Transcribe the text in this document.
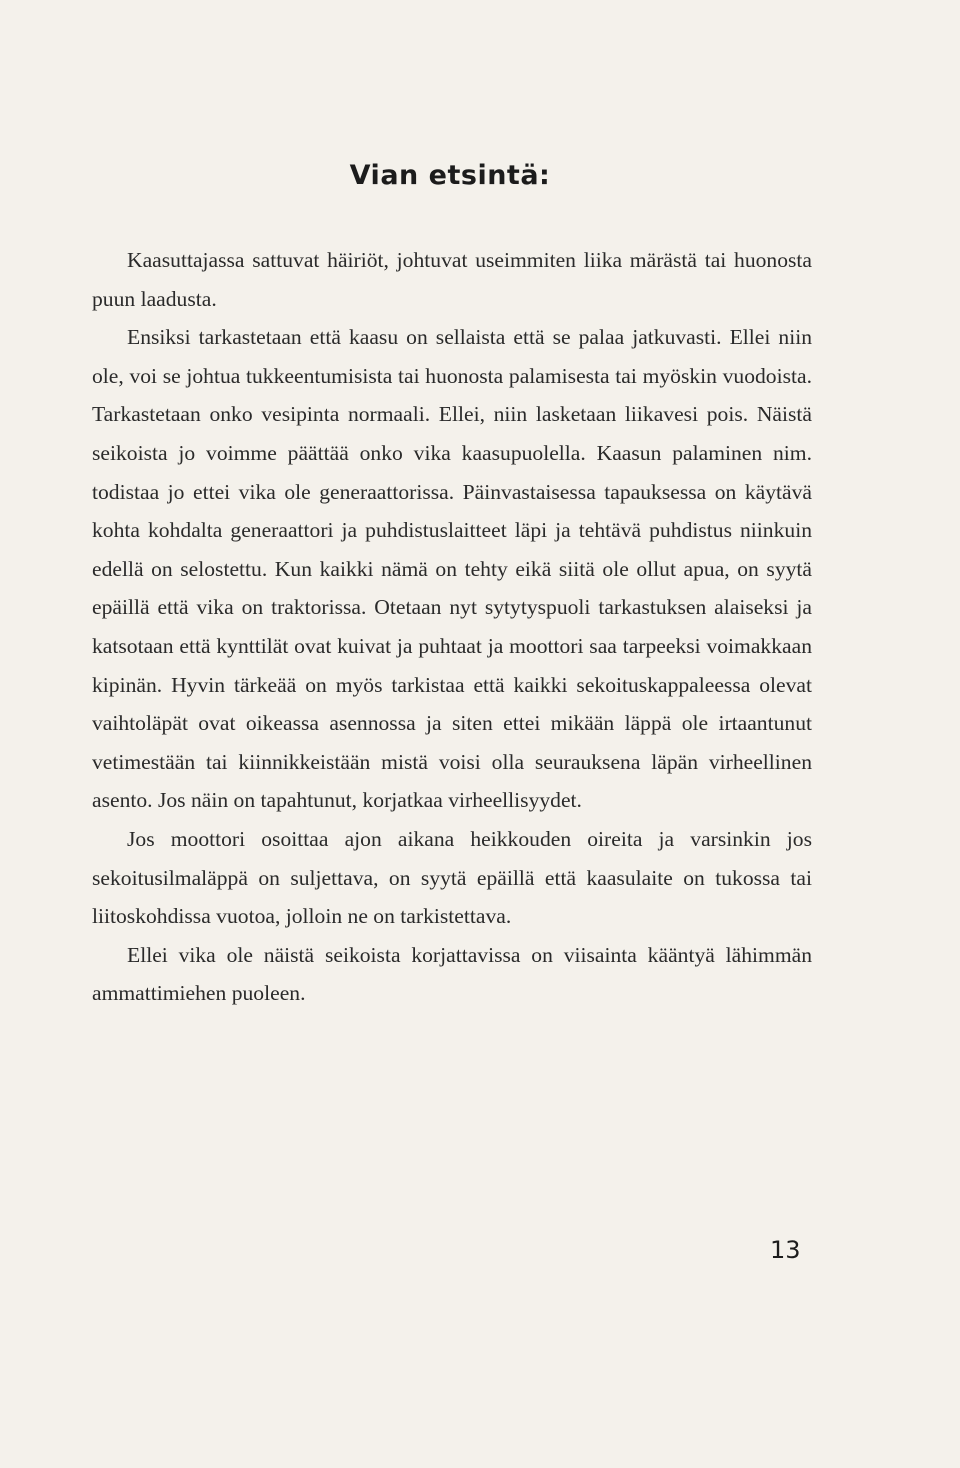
Vian etsintä:

Kaasuttajassa sattuvat häiriöt, johtuvat useimmiten liika märästä tai huonosta puun laadusta.

Ensiksi tarkastetaan että kaasu on sellaista että se palaa jatkuvasti. Ellei niin ole, voi se johtua tukkeentumisista tai huonosta palamisesta tai myöskin vuodoista. Tarkastetaan onko vesipinta normaali. Ellei, niin lasketaan liikavesi pois. Näistä seikoista jo voimme päättää onko vika kaasupuolella. Kaasun palaminen nim. todistaa jo ettei vika ole generaattorissa. Päinvastaisessa tapauksessa on käytävä kohta kohdalta generaattori ja puhdistuslaitteet läpi ja tehtävä puhdistus niinkuin edellä on selostettu. Kun kaikki nämä on tehty eikä siitä ole ollut apua, on syytä epäillä että vika on traktorissa. Otetaan nyt sytytyspuoli tarkastuksen alaiseksi ja katsotaan että kynttilät ovat kuivat ja puhtaat ja moottori saa tarpeeksi voimakkaan kipinän. Hyvin tärkeää on myös tarkistaa että kaikki sekoituskappaleessa olevat vaihtoläpät ovat oikeassa asennossa ja siten ettei mikään läppä ole irtaantunut vetimestään tai kiinnikkeistään mistä voisi olla seurauksena läpän virheellinen asento. Jos näin on tapahtunut, korjatkaa virheellisyydet.

Jos moottori osoittaa ajon aikana heikkouden oireita ja varsinkin jos sekoitusilmaläppä on suljettava, on syytä epäillä että kaasulaite on tukossa tai liitoskohdissa vuotoa, jolloin ne on tarkistettava.

Ellei vika ole näistä seikoista korjattavissa on viisainta kääntyä lähimmän ammattimiehen puoleen.

13
